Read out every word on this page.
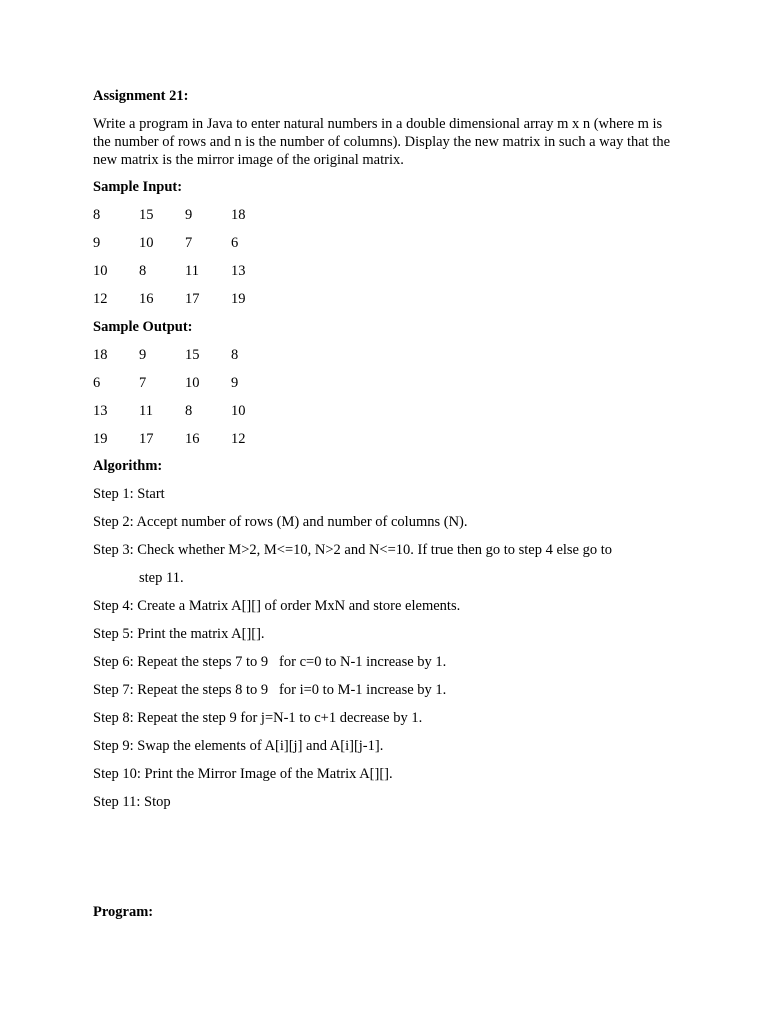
Assignment 21:
Write a program in Java to enter natural numbers in a double dimensional array m x n (where m is the number of rows and n is the number of columns). Display the new matrix in such a way that the new matrix is the mirror image of the original matrix.
Sample Input:
8	15	9	18
9	10	7	6
10	8	11	13
12	16	17	19
Sample Output:
18	9	15	8
6	7	10	9
13	11	8	10
19	17	16	12
Algorithm:
Step 1: Start
Step 2: Accept number of rows (M) and number of columns (N).
Step 3: Check whether M>2, M<=10, N>2 and N<=10. If true then go to step 4 else go to
step 11.
Step 4: Create a Matrix A[][] of order MxN and store elements.
Step 5: Print the matrix A[][].
Step 6: Repeat the steps 7 to 9   for c=0 to N-1 increase by 1.
Step 7: Repeat the steps 8 to 9   for i=0 to M-1 increase by 1.
Step 8: Repeat the step 9 for j=N-1 to c+1 decrease by 1.
Step 9: Swap the elements of A[i][j] and A[i][j-1].
Step 10: Print the Mirror Image of the Matrix A[][].
Step 11: Stop
Program:
